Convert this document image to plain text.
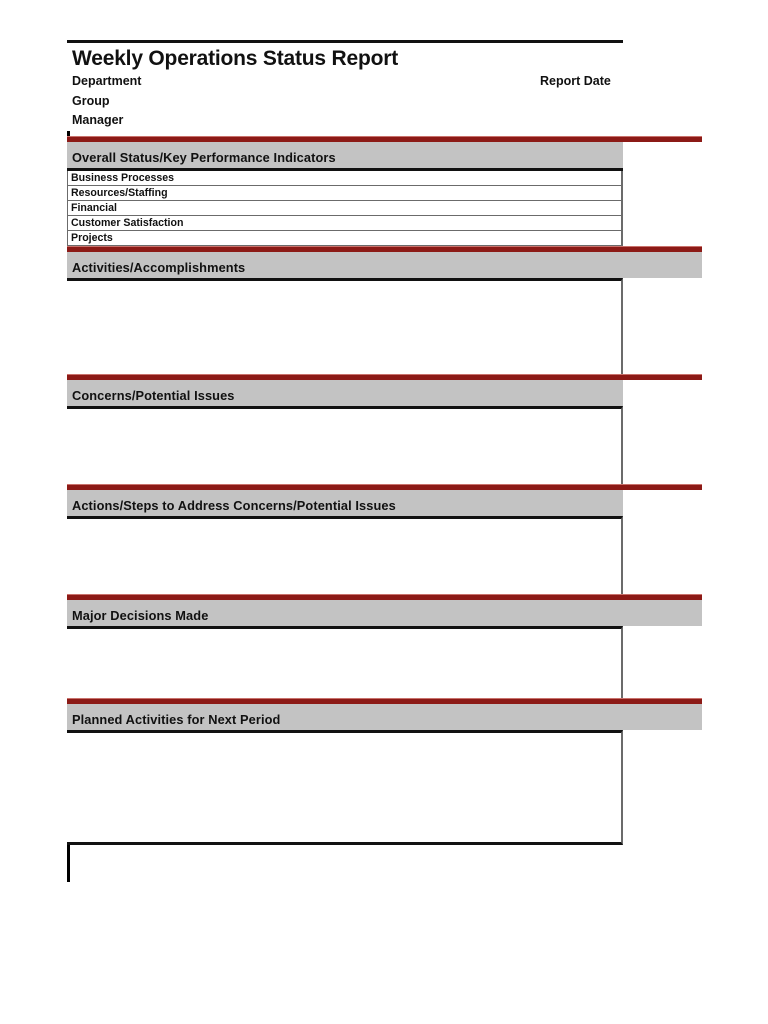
Weekly Operations Status Report
Department	Report Date
Group
Manager
Overall Status/Key Performance Indicators
Business Processes
Resources/Staffing
Financial
Customer Satisfaction
Projects
Activities/Accomplishments
Concerns/Potential Issues
Actions/Steps to Address Concerns/Potential Issues
Major Decisions Made
Planned Activities for Next Period
